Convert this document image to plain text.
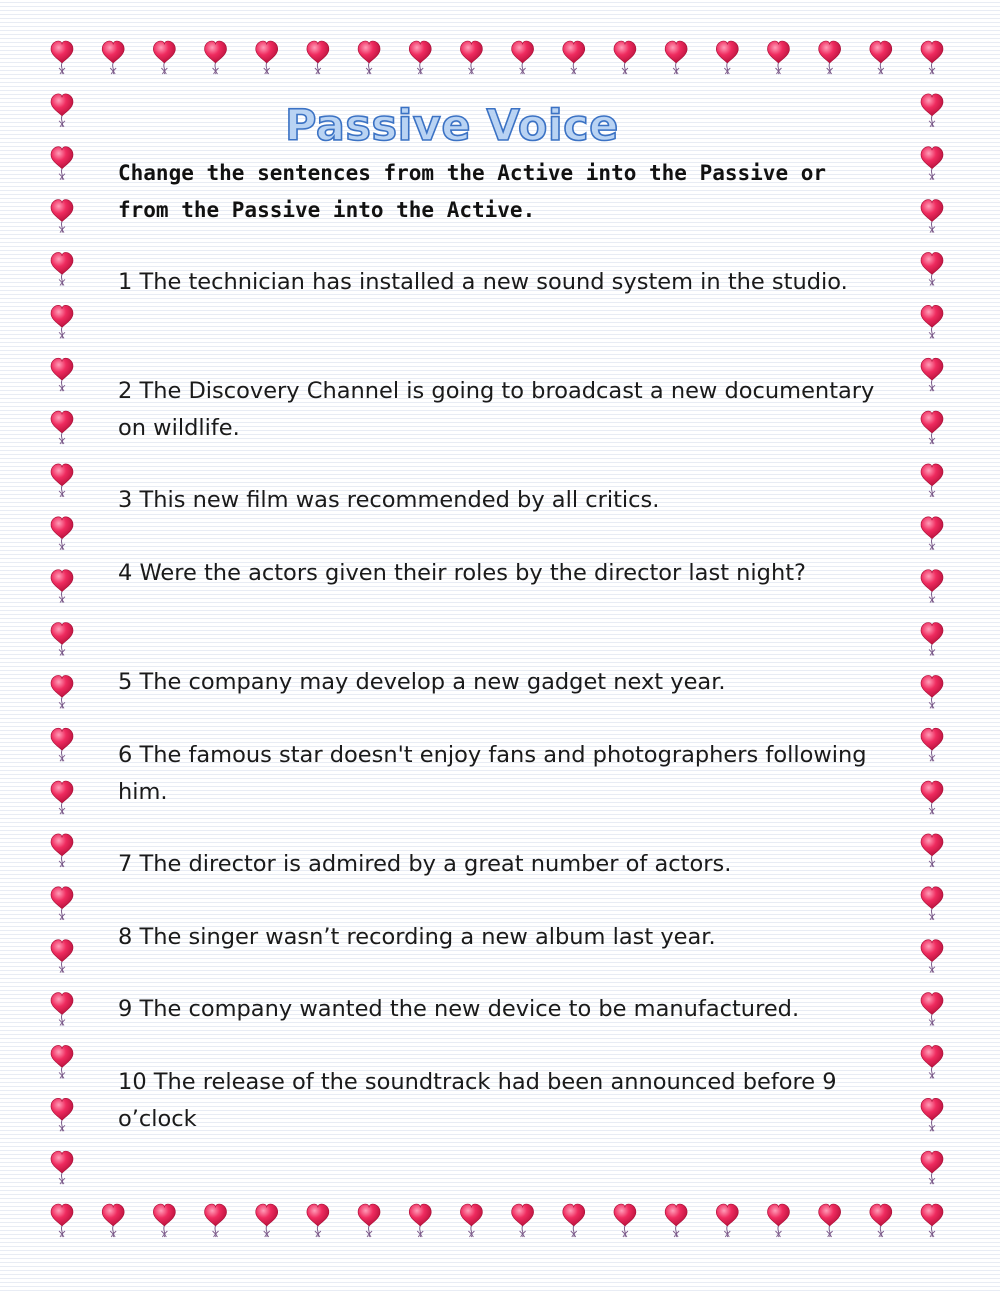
Passive Voice

Change the sentences from the Active into the Passive or from the Passive into the Active.

1 The technician has installed a new sound system in the studio.

2 The Discovery Channel is going to broadcast a new documentary on wildlife.

3 This new film was recommended by all critics.

4 Were the actors given their roles by the director last night?

5 The company may develop a new gadget next year.

6 The famous star doesn't enjoy fans and photographers following him.

7 The director is admired by a great number of actors.

8 The singer wasn’t recording a new album last year.

9 The company wanted the new device to be manufactured.

10 The release of the soundtrack had been announced before 9 o’clock
